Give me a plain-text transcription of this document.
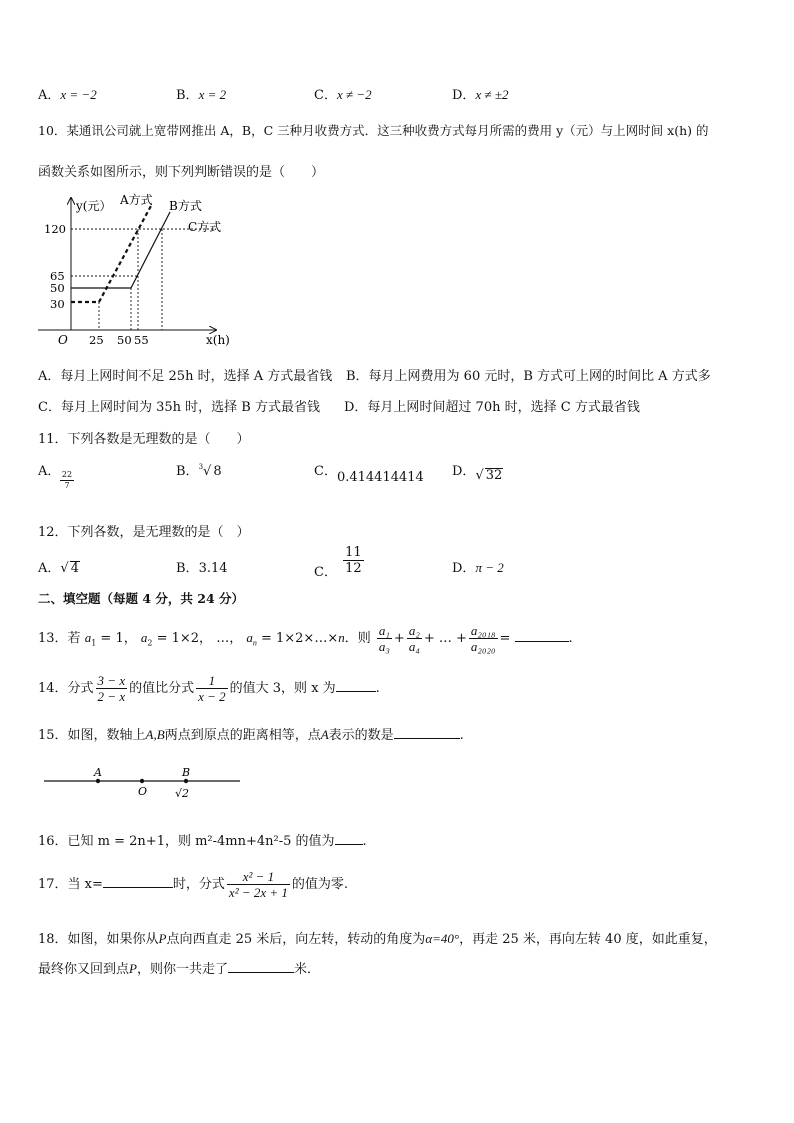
A．x = −2	B．x = 2	C．x ≠ −2	D．x ≠ ±2
10．某通讯公司就上宽带网推出 A，B，C 三种月收费方式．这三种收费方式每月所需的费用 y（元）与上网时间 x(h) 的
函数关系如图所示，则下列判断错误的是（　　）
y(元）
x(h)
O
120
65
50
30
25 50 55
A方式 B方式
C方式
A．每月上网时间不足 25h 时，选择 A 方式最省钱 B．每月上网费用为 60 元时，B 方式可上网的时间比 A 方式多
C．每月上网时间为 35h 时，选择 B 方式最省钱 D．每月上网时间超过 70h 时，选择 C 方式最省钱
11．下列各数是无理数的是（　　）
A． $\frac{22}{7}$	B．$^3$√ 8	C．0.414414414 D．√ 32
12．下列各数，是无理数的是（　）
A．√ 4	B．3.14	C． $\frac{11}{12}$	D．π − 2
二、填空题（每题 4 分，共 24 分）
13．若 $a_1 = 1$， $a_2 = 1\times 2$， …， $a_n$ = 1×2×…×n．则 $\frac{\text{a₁}}{\text{a₃}} + \frac{\text{a₂}}{\text{a₄}}$ + … + $\frac{\text{a₂₀₁₈}}{\text{a₂₀₂₀}}$ =	.
14．分式 $\frac{3 - x}{2 - x}$ 的值比分式 $\frac{1}{x - 2}$ 的值大 3，则 x 为	.
15．如图，数轴上A,B两点到原点的距离相等，点A表示的数是	.
A
O
B
√2
16．已知 m = 2n+1，则 m²-4mn+4n²-5 的值为 .
17．当 x=	时，分式 $\frac{\text{x² − 1}}{\text{x² − 2x + 1}}$ 的值为零.
18．如图，如果你从P点向西直走 25 米后，向左转，转动的角度为α=40°，再走 25 米，再向左转 40 度，如此重复，
最终你又回到点P，则你一共走了	米．
